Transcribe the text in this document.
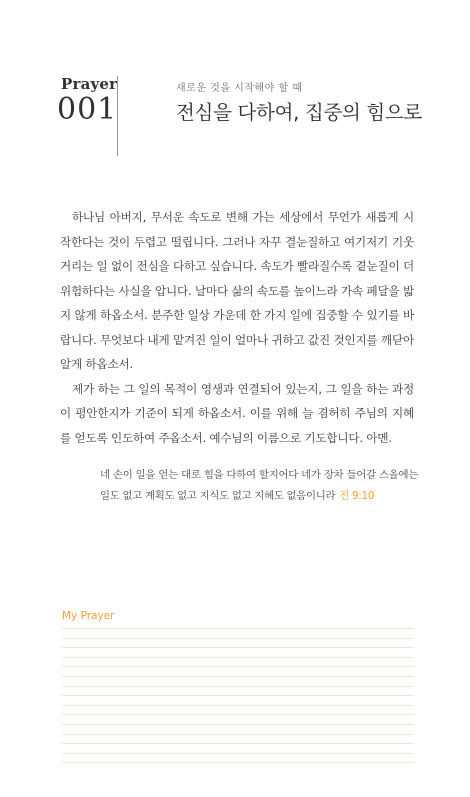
Prayer
001
새로운 것을 시작해야 할 때
전심을 다하여, 집중의 힘으로

하나님 아버지, 무서운 속도로 변해 가는 세상에서 무언가 새롭게 시작한다는 것이 두렵고 떨립니다. 그러나 자꾸 결눈질하고 여기저기 기웃거리는 일 없이 전심을 다하고 싶습니다. 속도가 빨라질수록 곁눈질이 더 위험하다는 사실을 압니다. 날마다 삶의 속도를 높이느라 가속 페달을 밟지 않게 하옵소서. 분주한 일상 가운데 한 가지 일에 집중할 수 있기를 바랍니다. 무엇보다 내게 맡겨진 일이 얼마나 귀하고 값진 것인지를 깨닫아 알게 하옵소서.

제가 하는 그 일의 목적이 영생과 연결되어 있는지, 그 일을 하는 과정이 평안한지가 기준이 되게 하옵소서. 이를 위해 늘 겸허히 주님의 지혜를 얻도록 인도하여 주옵소서. 예수님의 이름으로 기도합니다. 아멘.

네 손이 일을 얻는 대로 힘을 다하여 할지어다 네가 장차 들어갈 스올에는 일도 없고 계획도 없고 지식도 없고 지혜도 없음이니라 전 9:10
My Prayer
